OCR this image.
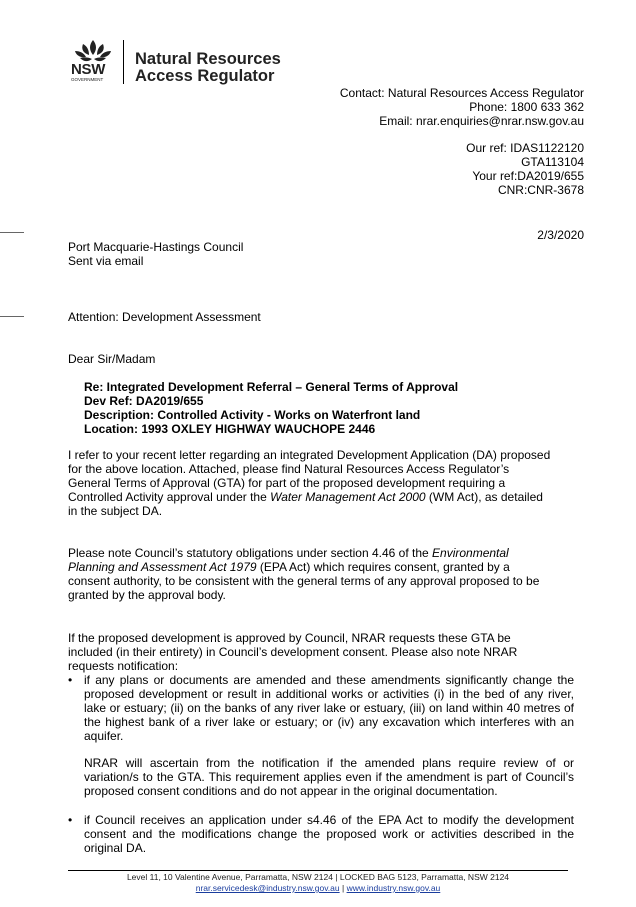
NSW
GOVERNMENT
Natural Resources
Access Regulator
Contact: Natural Resources Access Regulator
Phone: 1800 633 362
Email: nrar.enquiries@nrar.nsw.gov.au
Our ref: IDAS1122120
GTA113104
Your ref:DA2019/655
CNR:CNR-3678
2/3/2020
Port Macquarie-Hastings Council
Sent via email
Attention: Development Assessment
Dear Sir/Madam
Re: Integrated Development Referral – General Terms of Approval
Dev Ref: DA2019/655
Description: Controlled Activity - Works on Waterfront land
Location: 1993 OXLEY HIGHWAY WAUCHOPE 2446
I refer to your recent letter regarding an integrated Development Application (DA) proposed
for the above location. Attached, please find Natural Resources Access Regulator’s
General Terms of Approval (GTA) for part of the proposed development requiring a
Controlled Activity approval under the Water Management Act 2000 (WM Act), as detailed
in the subject DA.
Please note Council’s statutory obligations under section 4.46 of the Environmental
Planning and Assessment Act 1979 (EPA Act) which requires consent, granted by a
consent authority, to be consistent with the general terms of any approval proposed to be
granted by the approval body.
If the proposed development is approved by Council, NRAR requests these GTA be
included (in their entirety) in Council’s development consent. Please also note NRAR
requests notification:
• if any plans or documents are amended and these amendments significantly change the proposed development or result in additional works or activities (i) in the bed of any river, lake or estuary; (ii) on the banks of any river lake or estuary, (iii) on land within 40 metres of the highest bank of a river lake or estuary; or (iv) any excavation which interferes with an aquifer.
NRAR will ascertain from the notification if the amended plans require review of or variation/s to the GTA. This requirement applies even if the amendment is part of Council’s proposed consent conditions and do not appear in the original documentation.
• if Council receives an application under s4.46 of the EPA Act to modify the development consent and the modifications change the proposed work or activities described in the original DA.
Level 11, 10 Valentine Avenue, Parramatta, NSW 2124 | LOCKED BAG 5123, Parramatta, NSW 2124
nrar.servicedesk@industry.nsw.gov.au | www.industry.nsw.gov.au
